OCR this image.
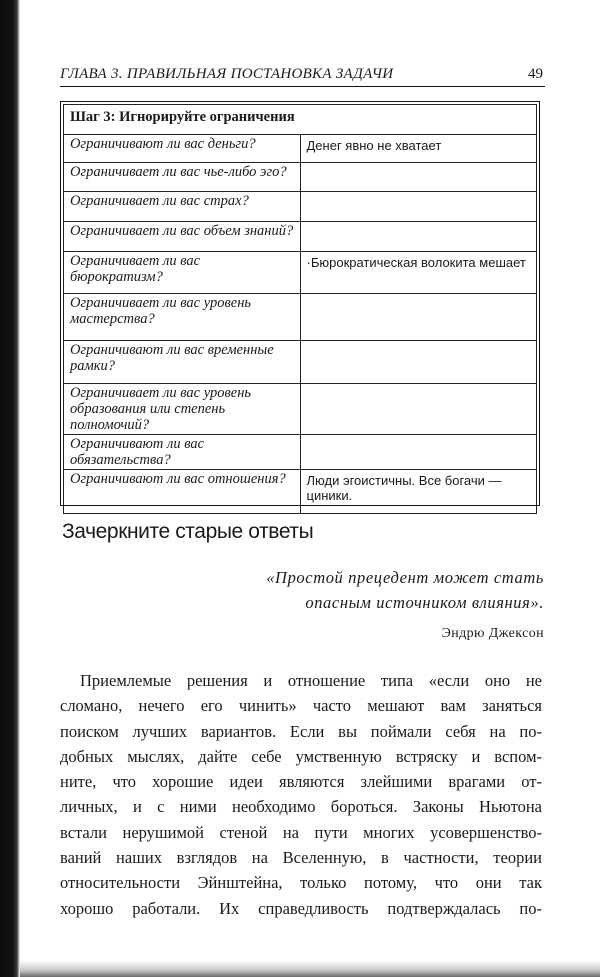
ГЛАВА 3. ПРАВИЛЬНАЯ ПОСТАНОВКА ЗАДАЧИ	49
Шаг 3: Игнорируйте ограничения	
Ограничивают ли вас деньги?	Денег явно не хватает
Ограничивает ли вас чье-либо эго?	
Ограничивает ли вас страх?	
Ограничивает ли вас объем знаний?	
Ограничивает ли вас бюрократизм?	·Бюрократическая волокита мешает
Ограничивает ли вас уровень мастерства?	
Ограничивают ли вас временные рамки?	
Ограничивает ли вас уровень образования или степень полномочий?	
Ограничивают ли вас обязательства?	
Ограничивают ли вас отношения?	Люди эгоистичны. Все богачи — циники.
Зачеркните старые ответы
«Простой прецедент может стать
опасным источником влияния».
Эндрю Джексон
Приемлемые решения и отношение типа «если оно не
сломано, нечего его чинить» часто мешают вам заняться
поиском лучших вариантов. Если вы поймали себя на по-
добных мыслях, дайте себе умственную встряску и вспом-
ните, что хорошие идеи являются злейшими врагами от-
личных, и с ними необходимо бороться. Законы Ньютона
встали нерушимой стеной на пути многих усовершенство-
ваний наших взглядов на Вселенную, в частности, теории
относительности Эйнштейна, только потому, что они так
хорошо работали. Их справедливость подтверждалась по-
